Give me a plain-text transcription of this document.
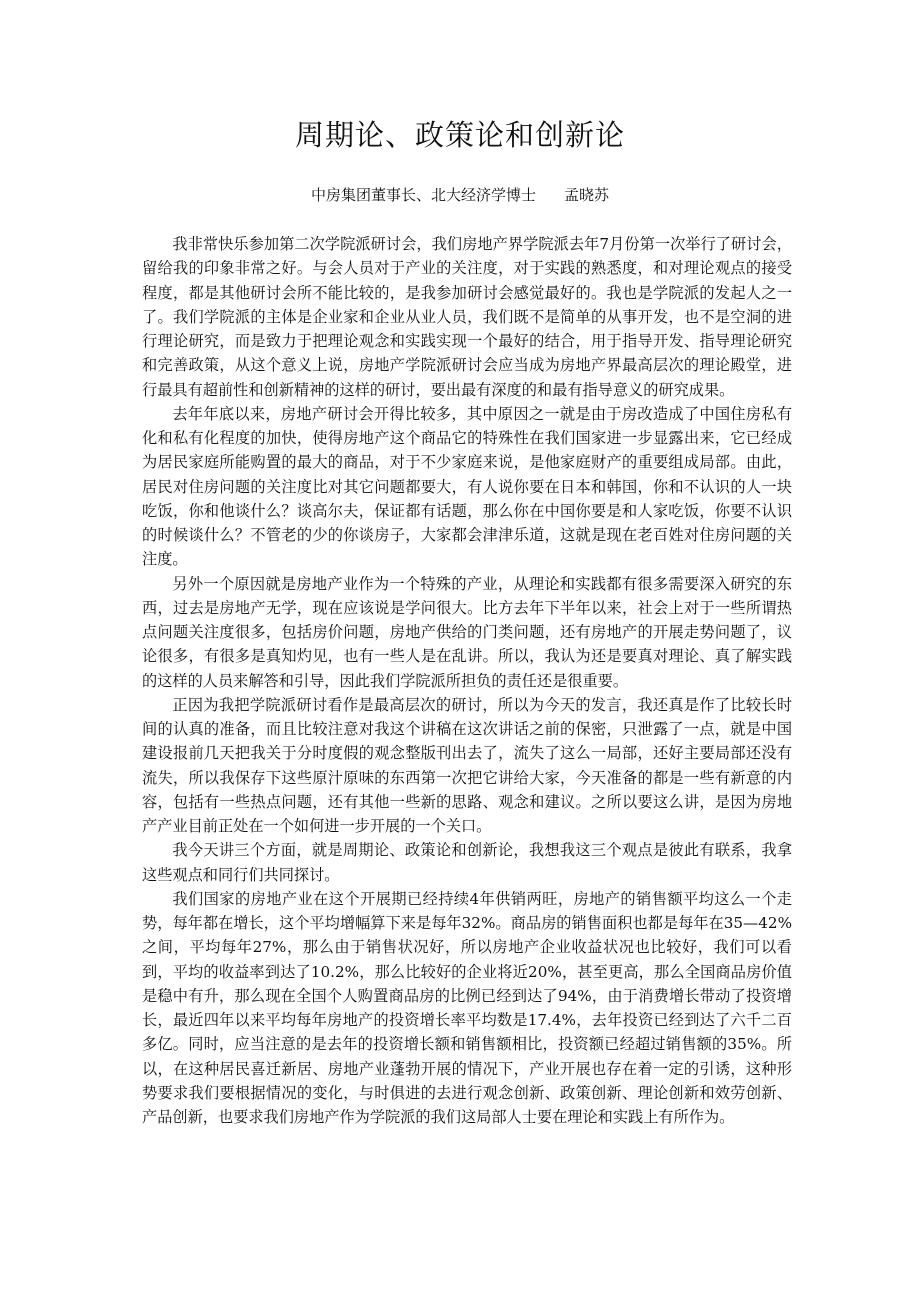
周期论、政策论和创新论

中房集团董事长、北大经济学博士 孟晓苏

我非常快乐参加第二次学院派研讨会，我们房地产界学院派去年7月份第一次举行了研讨会，留给我的印象非常之好。与会人员对于产业的关注度，对于实践的熟悉度，和对理论观点的接受程度，都是其他研讨会所不能比较的，是我参加研讨会感觉最好的。我也是学院派的发起人之一了。我们学院派的主体是企业家和企业从业人员，我们既不是简单的从事开发，也不是空洞的进行理论研究，而是致力于把理论观念和实践实现一个最好的结合，用于指导开发、指导理论研究和完善政策，从这个意义上说，房地产学院派研讨会应当成为房地产界最高层次的理论殿堂，进行最具有超前性和创新精神的这样的研讨，要出最有深度的和最有指导意义的研究成果。

去年年底以来，房地产研讨会开得比较多，其中原因之一就是由于房改造成了中国住房私有化和私有化程度的加快，使得房地产这个商品它的特殊性在我们国家进一步显露出来，它已经成为居民家庭所能购置的最大的商品，对于不少家庭来说，是他家庭财产的重要组成局部。由此，居民对住房问题的关注度比对其它问题都要大，有人说你要在日本和韩国，你和不认识的人一块吃饭，你和他谈什么？谈高尔夫，保证都有话题，那么你在中国你要是和人家吃饭，你要不认识的时候谈什么？不管老的少的你谈房子，大家都会津津乐道，这就是现在老百姓对住房问题的关注度。

另外一个原因就是房地产业作为一个特殊的产业，从理论和实践都有很多需要深入研究的东西，过去是房地产无学，现在应该说是学问很大。比方去年下半年以来，社会上对于一些所谓热点问题关注度很多，包括房价问题，房地产供给的门类问题，还有房地产的开展走势问题了，议论很多，有很多是真知灼见，也有一些人是在乱讲。所以，我认为还是要真对理论、真了解实践的这样的人员来解答和引导，因此我们学院派所担负的责任还是很重要。

正因为我把学院派研讨看作是最高层次的研讨，所以为今天的发言，我还真是作了比较长时间的认真的准备，而且比较注意对我这个讲稿在这次讲话之前的保密，只泄露了一点，就是中国建设报前几天把我关于分时度假的观念整版刊出去了，流失了这么一局部，还好主要局部还没有流失，所以我保存下这些原汁原味的东西第一次把它讲给大家，今天准备的都是一些有新意的内容，包括有一些热点问题，还有其他一些新的思路、观念和建议。之所以要这么讲，是因为房地产产业目前正处在一个如何进一步开展的一个关口。

我今天讲三个方面，就是周期论、政策论和创新论，我想我这三个观点是彼此有联系，我拿这些观点和同行们共同探讨。

我们国家的房地产业在这个开展期已经持续4年供销两旺，房地产的销售额平均这么一个走势，每年都在增长，这个平均增幅算下来是每年32%。商品房的销售面积也都是每年在35—42%之间，平均每年27%，那么由于销售状况好，所以房地产企业收益状况也比较好，我们可以看到，平均的收益率到达了10.2%，那么比较好的企业将近20%，甚至更高，那么全国商品房价值是稳中有升，那么现在全国个人购置商品房的比例已经到达了94%，由于消费增长带动了投资增长，最近四年以来平均每年房地产的投资增长率平均数是17.4%，去年投资已经到达了六千二百多亿。同时，应当注意的是去年的投资增长额和销售额相比，投资额已经超过销售额的35%。所以，在这种居民喜迁新居、房地产业蓬勃开展的情况下，产业开展也存在着一定的引诱，这种形势要求我们要根据情况的变化，与时俱进的去进行观念创新、政策创新、理论创新和效劳创新、产品创新，也要求我们房地产作为学院派的我们这局部人士要在理论和实践上有所作为。
